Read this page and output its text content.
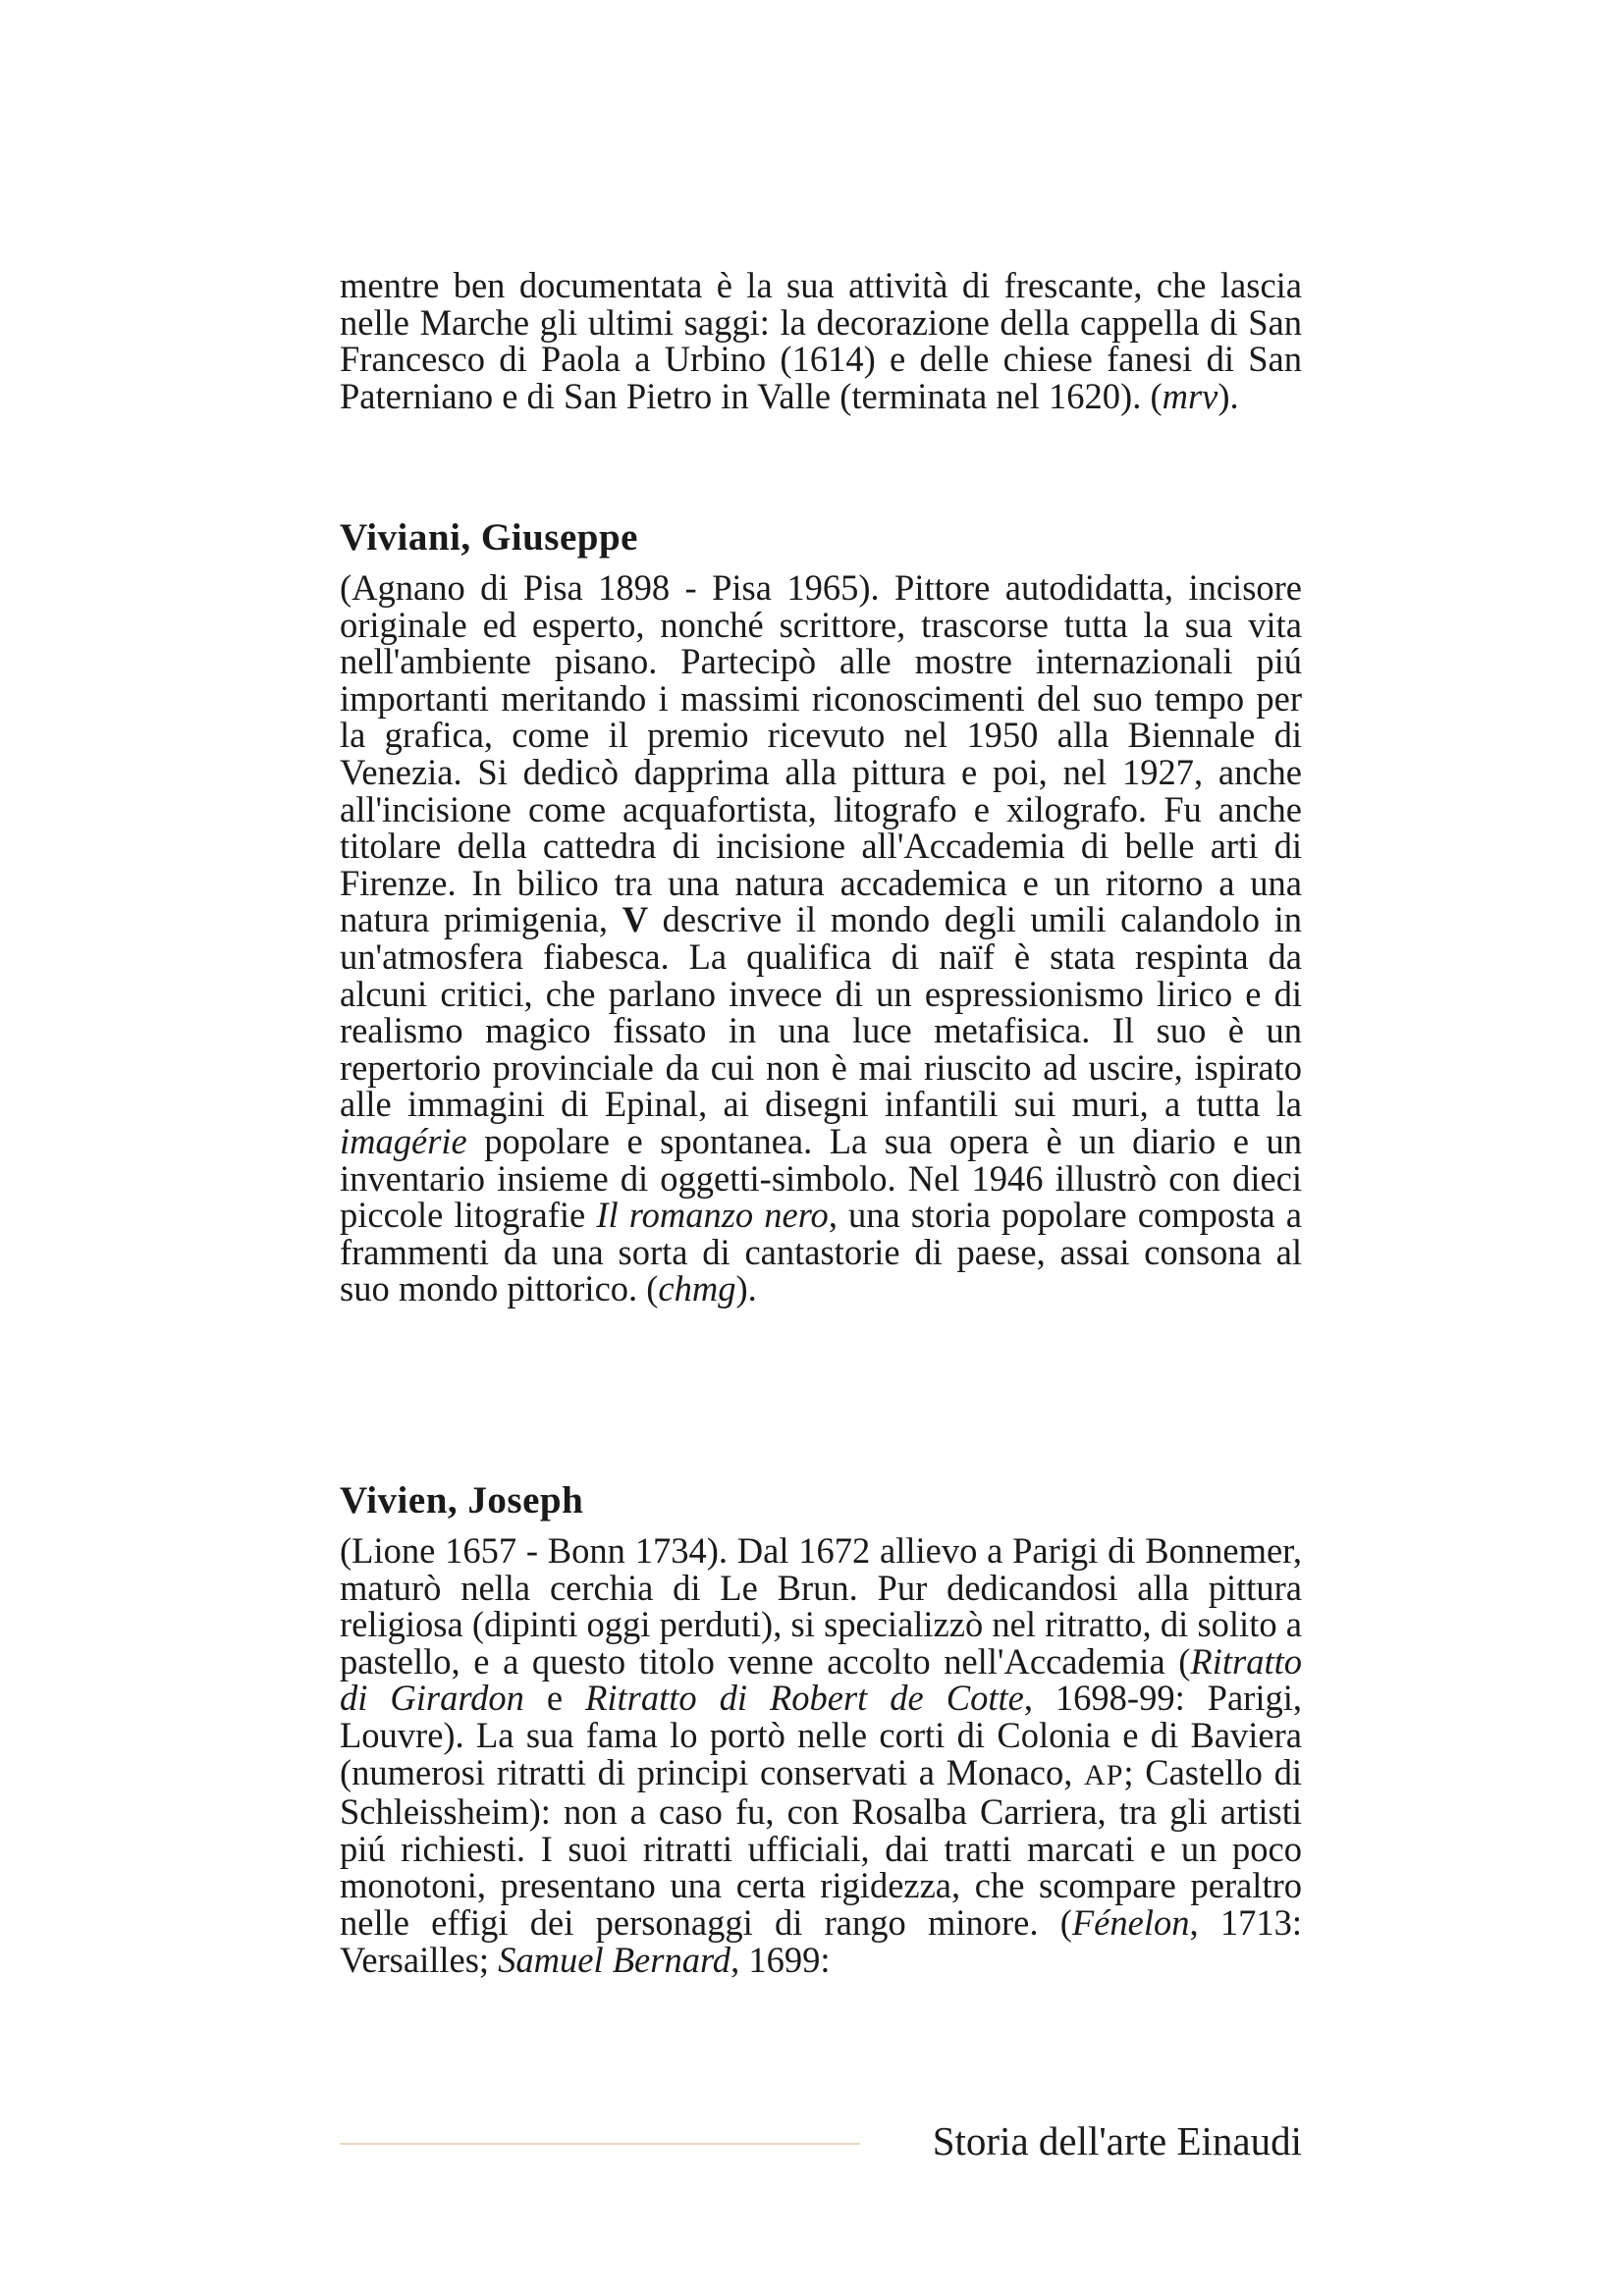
mentre ben documentata è la sua attività di frescante, che lascia nelle Marche gli ultimi saggi: la decorazione della cappella di San Francesco di Paola a Urbino (1614) e delle chiese fanesi di San Paterniano e di San Pietro in Valle (terminata nel 1620). (mrv).

Viviani, Giuseppe

(Agnano di Pisa 1898 - Pisa 1965). Pittore autodidatta, incisore originale ed esperto, nonché scrittore, trascorse tutta la sua vita nell'ambiente pisano. Partecipò alle mostre internazionali piú importanti meritando i massimi riconoscimenti del suo tempo per la grafica, come il premio ricevuto nel 1950 alla Biennale di Venezia. Si dedicò dapprima alla pittura e poi, nel 1927, anche all'incisione come acquafortista, litografo e xilografo. Fu anche titolare della cattedra di incisione all'Accademia di belle arti di Firenze. In bilico tra una natura accademica e un ritorno a una natura primigenia, V descrive il mondo degli umili calandolo in un'atmosfera fiabesca. La qualifica di naïf è stata respinta da alcuni critici, che parlano invece di un espressionismo lirico e di realismo magico fissato in una luce metafisica. Il suo è un repertorio provinciale da cui non è mai riuscito ad uscire, ispirato alle immagini di Epinal, ai disegni infantili sui muri, a tutta la imagérie popolare e spontanea. La sua opera è un diario e un inventario insieme di oggetti-simbolo. Nel 1946 illustrò con dieci piccole litografie Il romanzo nero, una storia popolare composta a frammenti da una sorta di cantastorie di paese, assai consona al suo mondo pittorico. (chmg).

Vivien, Joseph

(Lione 1657 - Bonn 1734). Dal 1672 allievo a Parigi di Bonnemer, maturò nella cerchia di Le Brun. Pur dedicandosi alla pittura religiosa (dipinti oggi perduti), si specializzò nel ritratto, di solito a pastello, e a questo titolo venne accolto nell'Accademia (Ritratto di Girardon e Ritratto di Robert de Cotte, 1698-99: Parigi, Louvre). La sua fama lo portò nelle corti di Colonia e di Baviera (numerosi ritratti di principi conservati a Monaco, AP; Castello di Schleissheim): non a caso fu, con Rosalba Carriera, tra gli artisti piú richiesti. I suoi ritratti ufficiali, dai tratti marcati e un poco monotoni, presentano una certa rigidezza, che scompare peraltro nelle effigi dei personaggi di rango minore. (Fénelon, 1713: Versailles; Samuel Bernard, 1699:

Storia dell'arte Einaudi
